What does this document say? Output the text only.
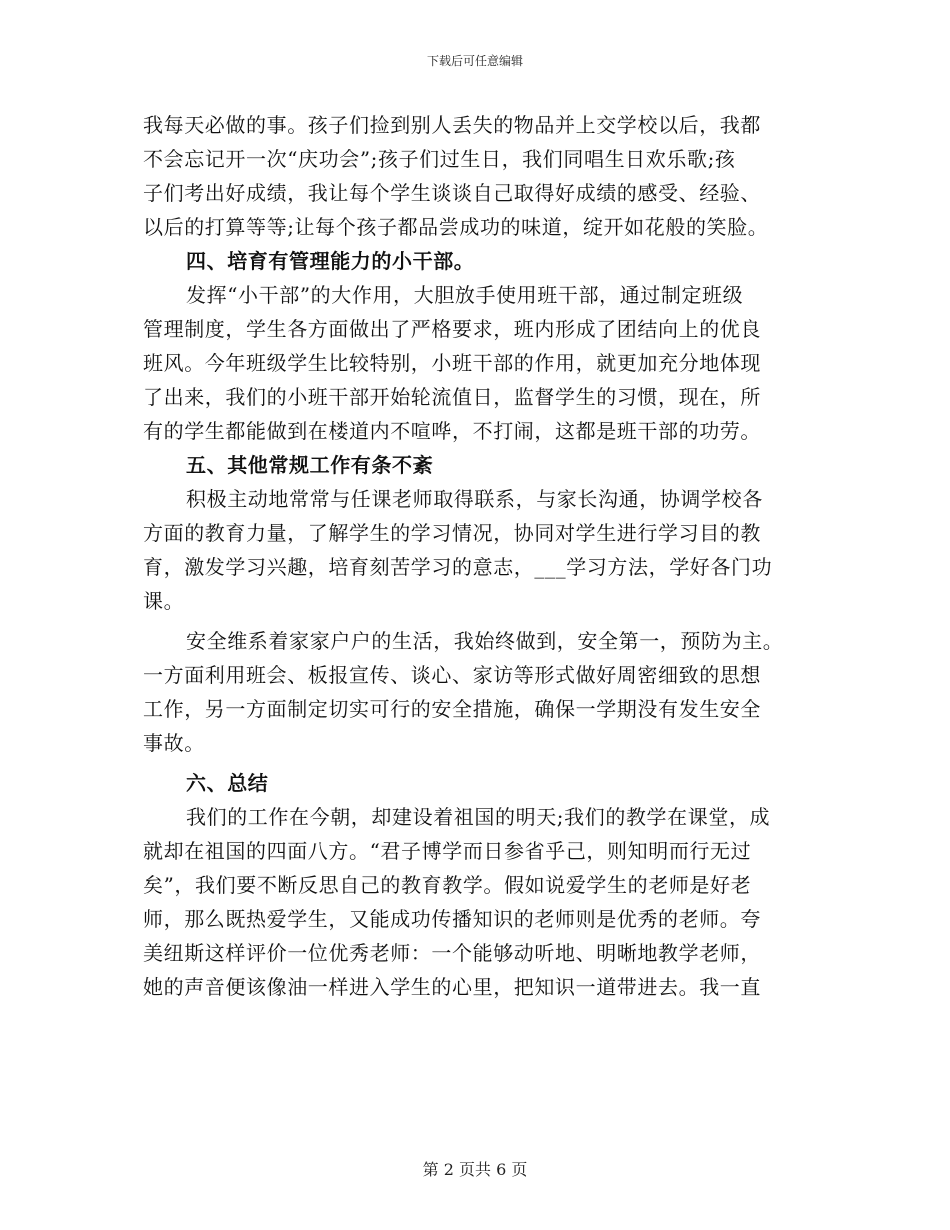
下载后可任意编辑
我每天必做的事。孩子们捡到别人丢失的物品并上交学校以后，我都
不会忘记开一次“庆功会”;孩子们过生日，我们同唱生日欢乐歌;孩
子们考出好成绩，我让每个学生谈谈自己取得好成绩的感受、经验、
以后的打算等等;让每个孩子都品尝成功的味道，绽开如花般的笑脸。
四、培育有管理能力的小干部。
发挥“小干部”的大作用，大胆放手使用班干部，通过制定班级
管理制度，学生各方面做出了严格要求，班内形成了团结向上的优良
班风。今年班级学生比较特别，小班干部的作用，就更加充分地体现
了出来，我们的小班干部开始轮流值日，监督学生的习惯，现在，所
有的学生都能做到在楼道内不喧哗，不打闹，这都是班干部的功劳。
五、其他常规工作有条不紊
积极主动地常常与任课老师取得联系，与家长沟通，协调学校各
方面的教育力量，了解学生的学习情况，协同对学生进行学习目的教
育，激发学习兴趣，培育刻苦学习的意志，___学习方法，学好各门功
课。
安全维系着家家户户的生活，我始终做到，安全第一，预防为主。
一方面利用班会、板报宣传、谈心、家访等形式做好周密细致的思想
工作，另一方面制定切实可行的安全措施，确保一学期没有发生安全
事故。
六、总结
我们的工作在今朝，却建设着祖国的明天;我们的教学在课堂，成
就却在祖国的四面八方。“君子博学而日参省乎己，则知明而行无过
矣”，我们要不断反思自己的教育教学。假如说爱学生的老师是好老
师，那么既热爱学生，又能成功传播知识的老师则是优秀的老师。夸
美纽斯这样评价一位优秀老师：一个能够动听地、明晰地教学老师，
她的声音便该像油一样进入学生的心里，把知识一道带进去。我一直
第 2 页共 6 页
